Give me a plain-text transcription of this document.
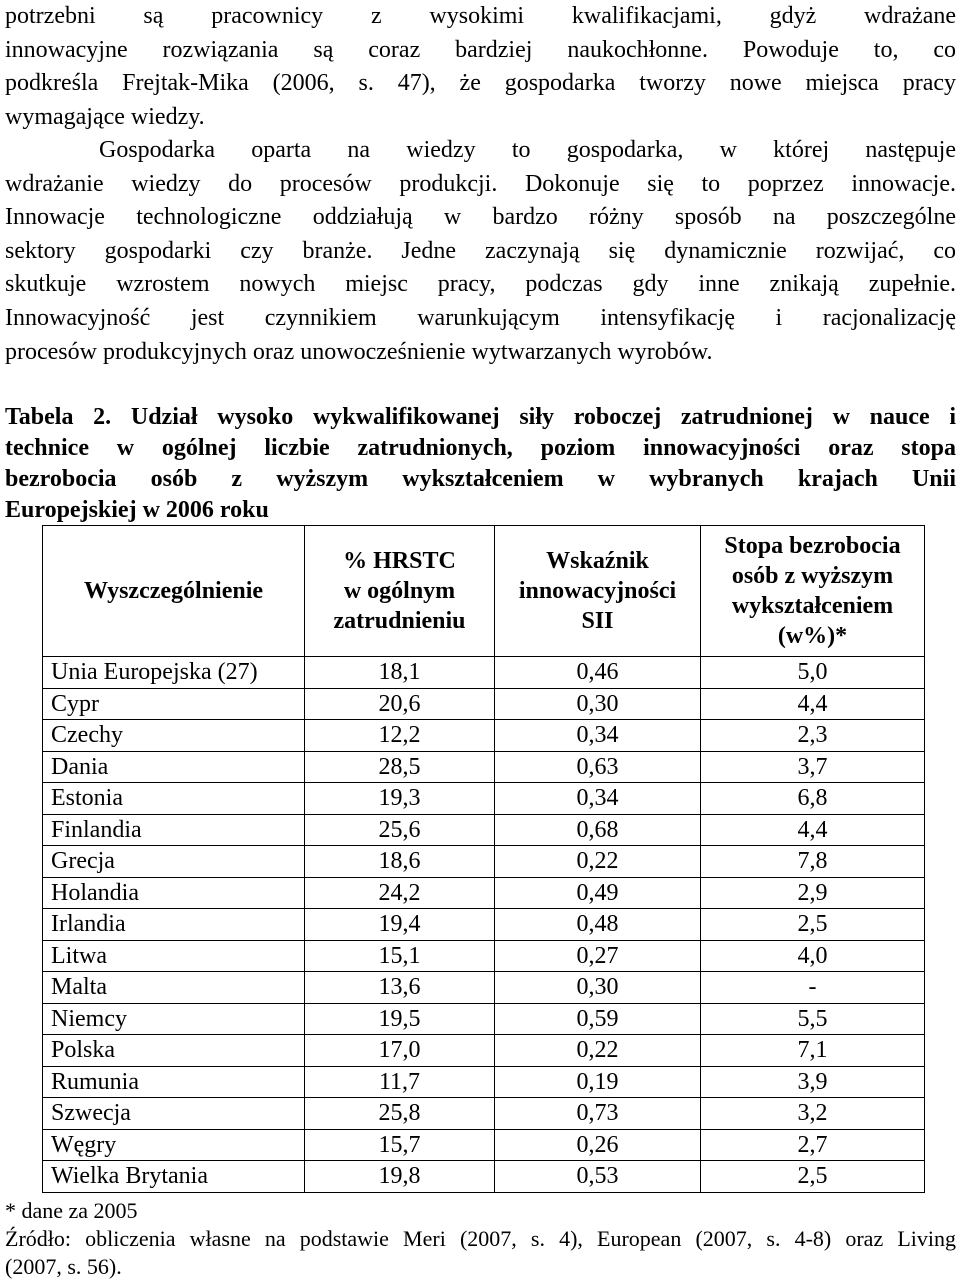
potrzebni są pracownicy z wysokimi kwalifikacjami, gdyż wdrażane
innowacyjne rozwiązania są coraz bardziej naukochłonne. Powoduje to, co
podkreśla Frejtak-Mika (2006, s. 47), że gospodarka tworzy nowe miejsca pracy
wymagające wiedzy.
Gospodarka oparta na wiedzy to gospodarka, w której następuje
wdrażanie wiedzy do procesów produkcji. Dokonuje się to poprzez innowacje.
Innowacje technologiczne oddziałują w bardzo różny sposób na poszczególne
sektory gospodarki czy branże. Jedne zaczynają się dynamicznie rozwijać, co
skutkuje wzrostem nowych miejsc pracy, podczas gdy inne znikają zupełnie.
Innowacyjność jest czynnikiem warunkującym intensyfikację i racjonalizację
procesów produkcyjnych oraz unowocześnienie wytwarzanych wyrobów.
Tabela 2. Udział wysoko wykwalifikowanej siły roboczej zatrudnionej w nauce i
technice w ogólnej liczbie zatrudnionych, poziom innowacyjności oraz stopa
bezrobocia osób z wyższym wykształceniem w wybranych krajach Unii
Europejskiej w 2006 roku
Wyszczególnienie	% HRSTC
w ogólnym
zatrudnieniu	Wskaźnik
innowacyjności
SII	Stopa bezrobocia
osób z wyższym
wykształceniem
(w%)*

Unia Europejska (27)	18,1	0,46	5,0
Cypr	20,6	0,30	4,4
Czechy	12,2	0,34	2,3
Dania	28,5	0,63	3,7
Estonia	19,3	0,34	6,8
Finlandia	25,6	0,68	4,4
Grecja	18,6	0,22	7,8
Holandia	24,2	0,49	2,9
Irlandia	19,4	0,48	2,5
Litwa	15,1	0,27	4,0
Malta	13,6	0,30	-
Niemcy	19,5	0,59	5,5
Polska	17,0	0,22	7,1
Rumunia	11,7	0,19	3,9
Szwecja	25,8	0,73	3,2
Węgry	15,7	0,26	2,7
Wielka Brytania	19,8	0,53	2,5

* dane za 2005

Źródło: obliczenia własne na podstawie Meri (2007, s. 4), European (2007, s. 4-8) oraz Living
(2007, s. 56).
